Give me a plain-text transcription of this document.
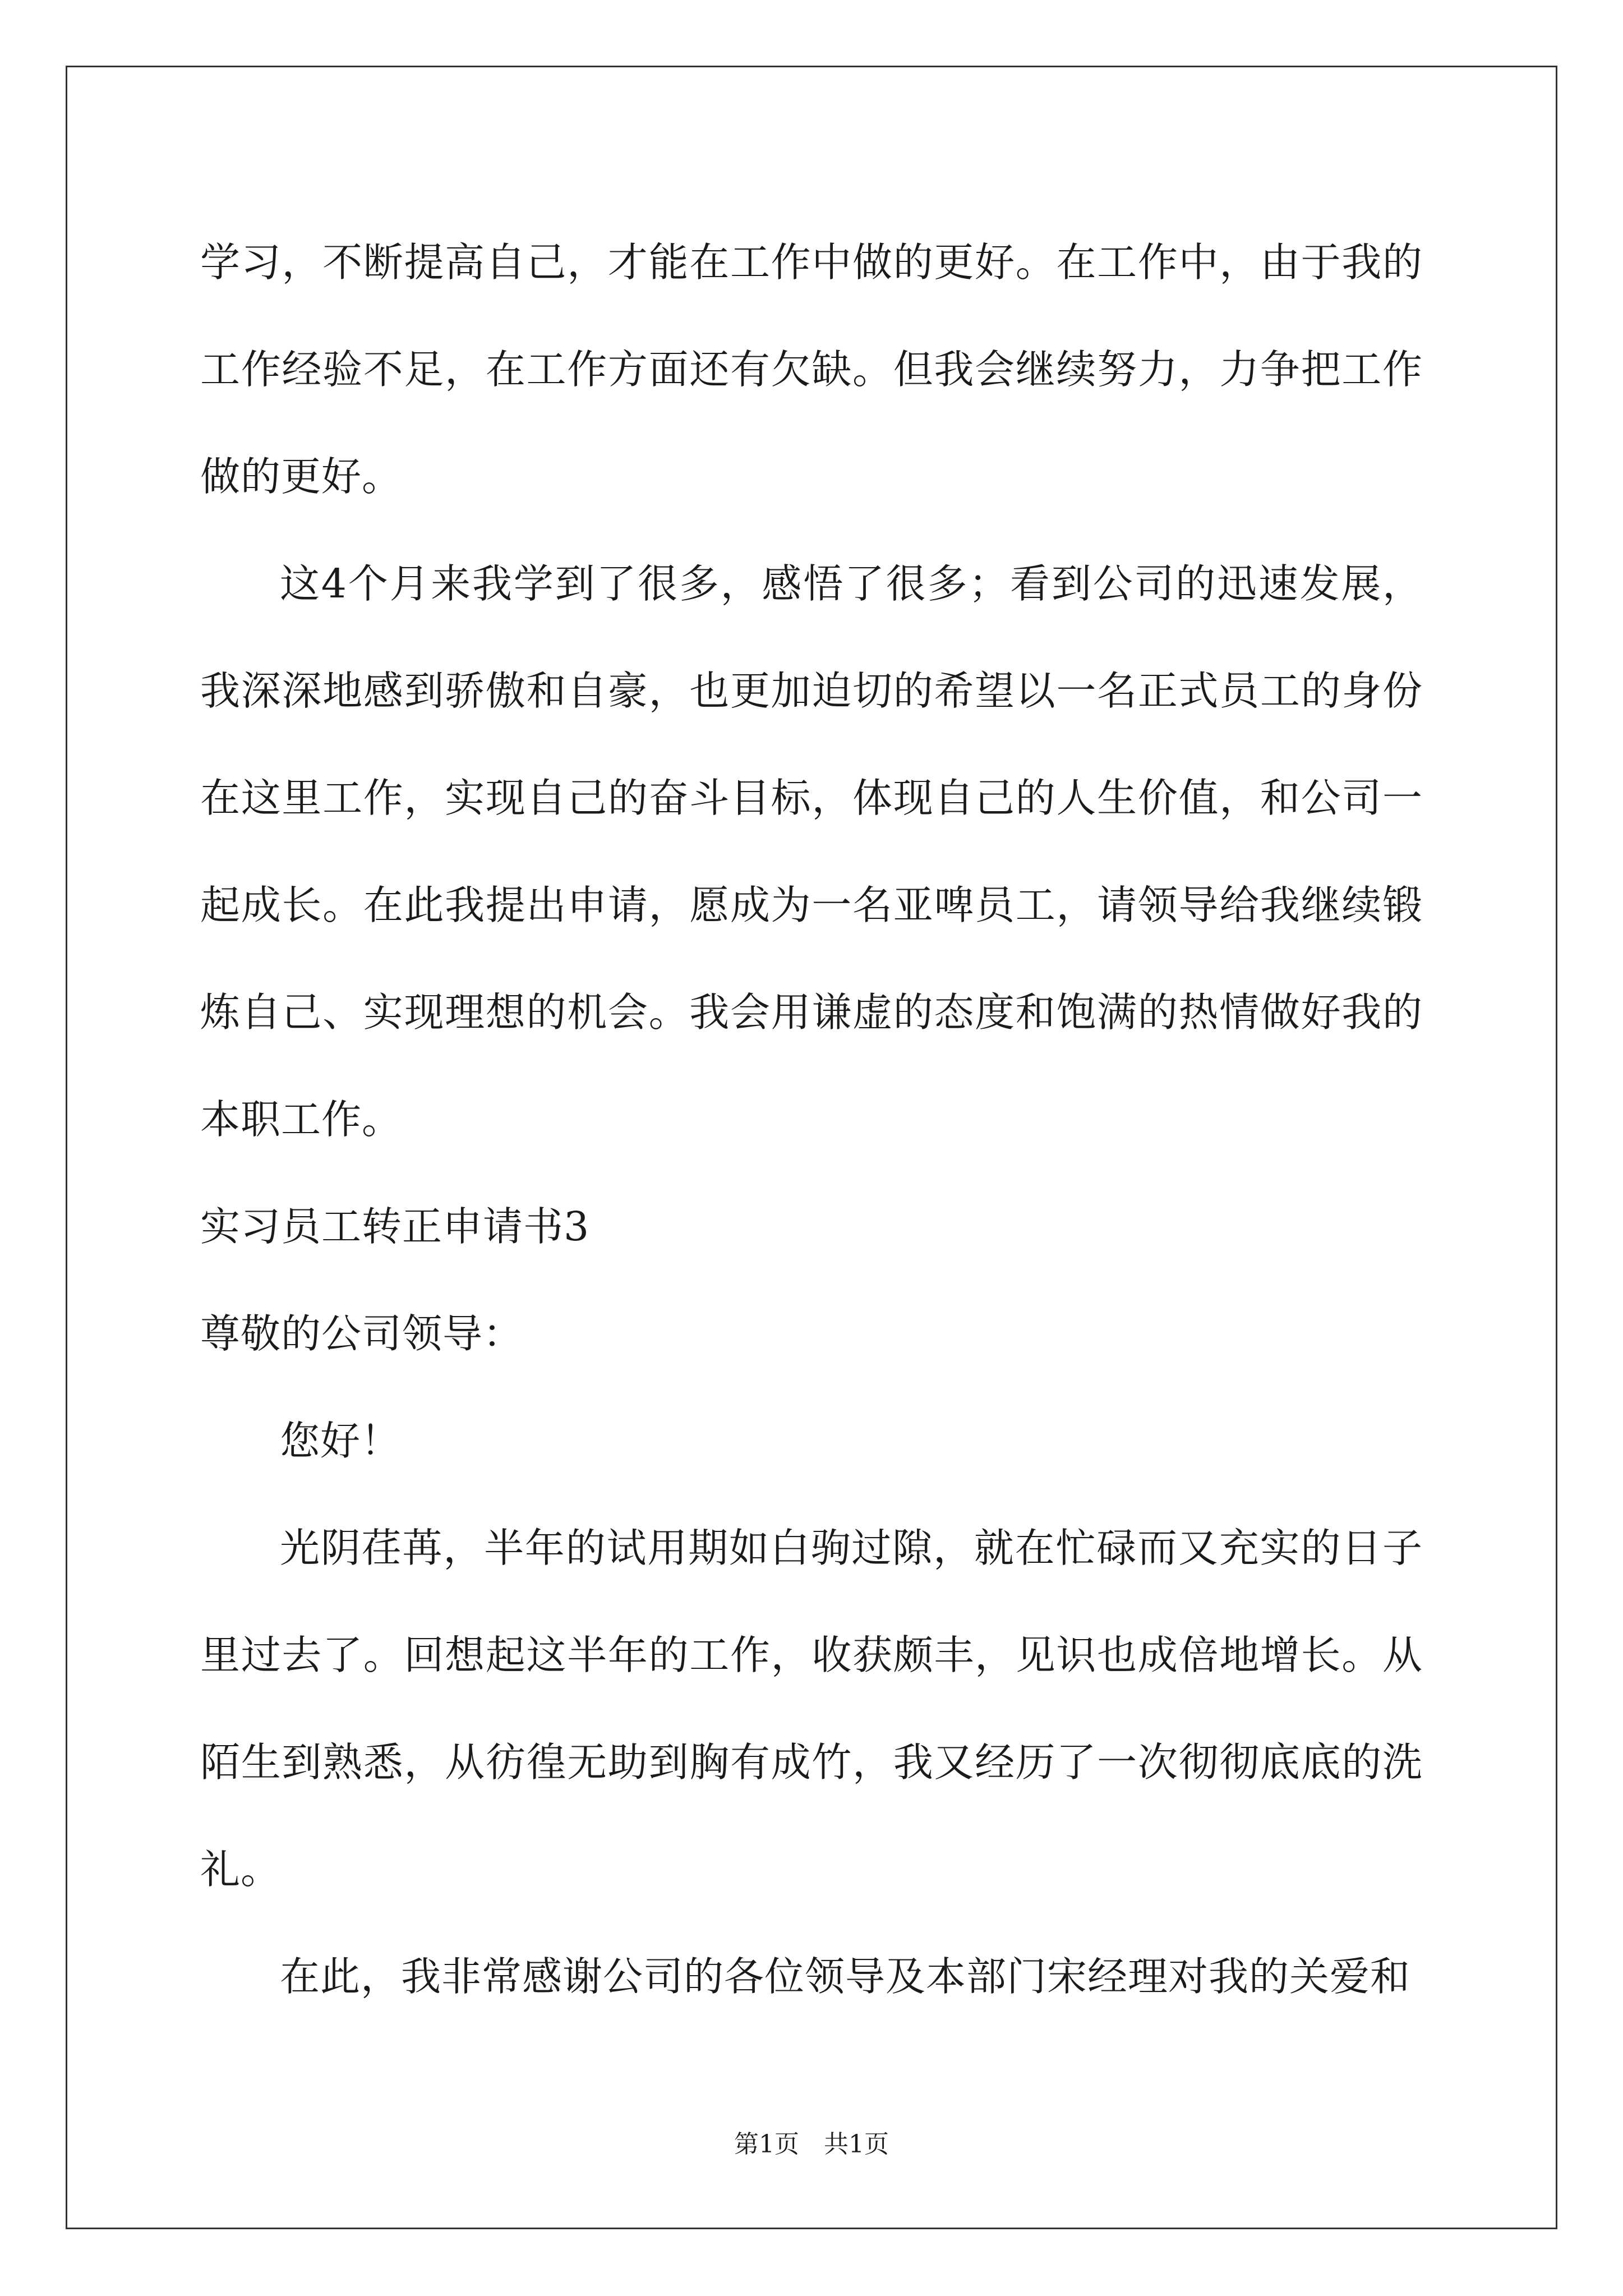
学习，不断提高自己，才能在工作中做的更好。在工作中，由于我的工作经验不足，在工作方面还有欠缺。但我会继续努力，力争把工作做的更好。

这4个月来我学到了很多，感悟了很多；看到公司的迅速发展，我深深地感到骄傲和自豪，也更加迫切的希望以一名正式员工的身份在这里工作，实现自己的奋斗目标，体现自己的人生价值，和公司一起成长。在此我提出申请，愿成为一名亚啤员工，请领导给我继续锻炼自己、实现理想的机会。我会用谦虚的态度和饱满的热情做好我的本职工作。

实习员工转正申请书3

尊敬的公司领导：

您好！

光阴荏苒，半年的试用期如白驹过隙，就在忙碌而又充实的日子里过去了。回想起这半年的工作，收获颇丰，见识也成倍地增长。从陌生到熟悉，从彷徨无助到胸有成竹，我又经历了一次彻彻底底的洗礼。

在此，我非常感谢公司的各位领导及本部门宋经理对我的关爱和

第1页　共1页
